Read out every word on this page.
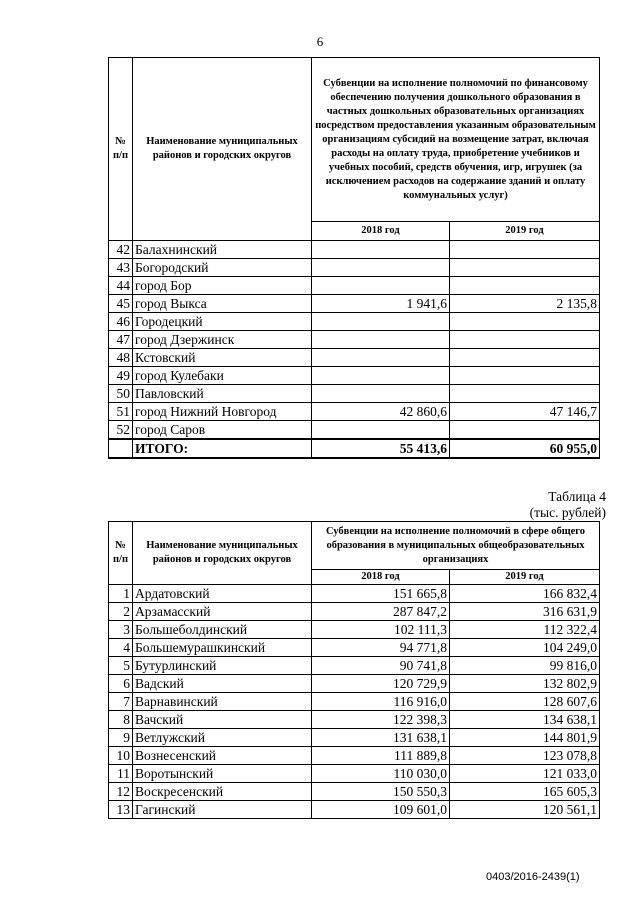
6
№ п/п	Наименование муниципальных районов и городских округов	Субвенции на исполнение полномочий по финансовому обеспечению получения дошкольного образования в частных дошкольных образовательных организациях посредством предоставления указанным образовательным организациям субсидий на возмещение затрат, включая расходы на оплату труда, приобретение учебников и учебных пособий, средств обучения, игр, игрушек (за исключением расходов на содержание зданий и оплату коммунальных услуг)	
		2018 год	2019 год
42	Балахнинский		
43	Богородский		
44	город Бор		
45	город Выкса	1 941,6	2 135,8
46	Городецкий		
47	город Дзержинск		
48	Кстовский		
49	город Кулебаки		
50	Павловский		
51	город Нижний Новгород	42 860,6	47 146,7
52	город Саров		
	ИТОГО:	55 413,6	60 955,0
Таблица 4
(тыс. рублей)
№ п/п	Наименование муниципальных районов и городских округов	Субвенции на исполнение полномочий в сфере общего образования в муниципальных общеобразовательных организациях	
		2018 год	2019 год
1	Ардатовский	151 665,8	166 832,4
2	Арзамасский	287 847,2	316 631,9
3	Большеболдинский	102 111,3	112 322,4
4	Большемурашкинский	94 771,8	104 249,0
5	Бутурлинский	90 741,8	99 816,0
6	Вадский	120 729,9	132 802,9
7	Варнавинский	116 916,0	128 607,6
8	Вачский	122 398,3	134 638,1
9	Ветлужский	131 638,1	144 801,9
10	Вознесенский	111 889,8	123 078,8
11	Воротынский	110 030,0	121 033,0
12	Воскресенский	150 550,3	165 605,3
13	Гагинский	109 601,0	120 561,1
0403/2016-2439(1)
